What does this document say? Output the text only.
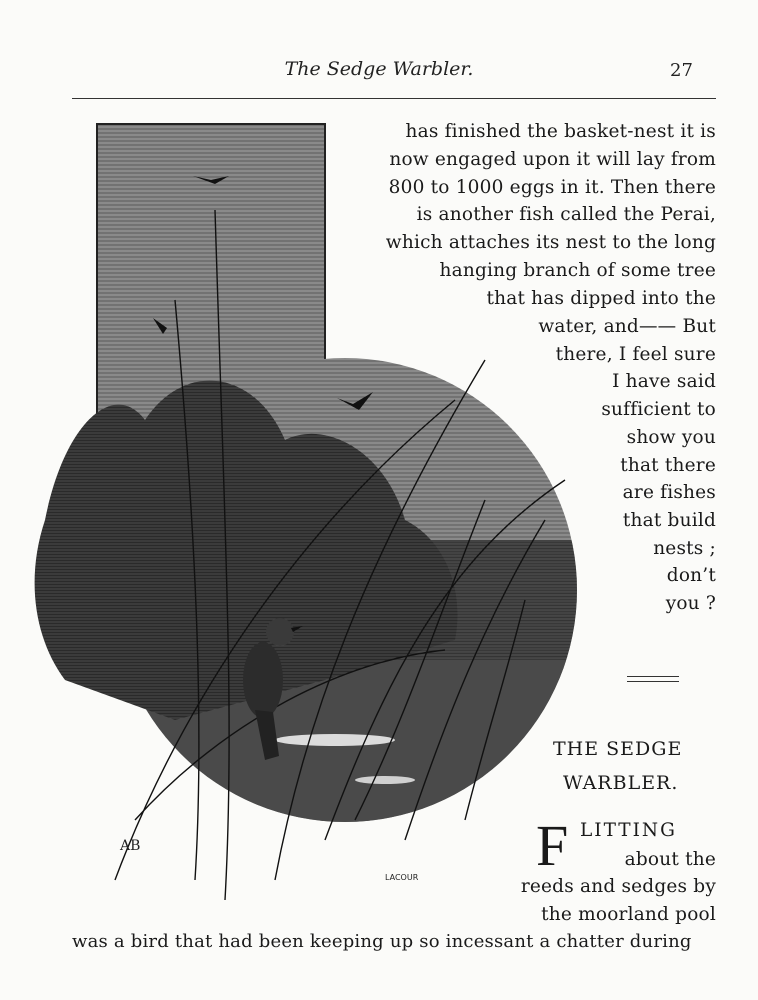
The Sedge Warbler.	27
AB
LACOUR
has finished the basket-nest it is
now engaged upon it will lay from
800 to 1000 eggs in it. Then there
is another fish called the Perai,
which attaches its nest to the long
hanging branch of some tree
that has dipped into the
water, and—— But
there, I feel sure
I have said
sufficient to
show you
that there
are fishes
that build
nests ;
don’t
you ?
THE SEDGE
WARBLER.
F LITTING
about the
reeds and sedges by
the moorland pool
was a bird that had been keeping up so incessant a chatter during
